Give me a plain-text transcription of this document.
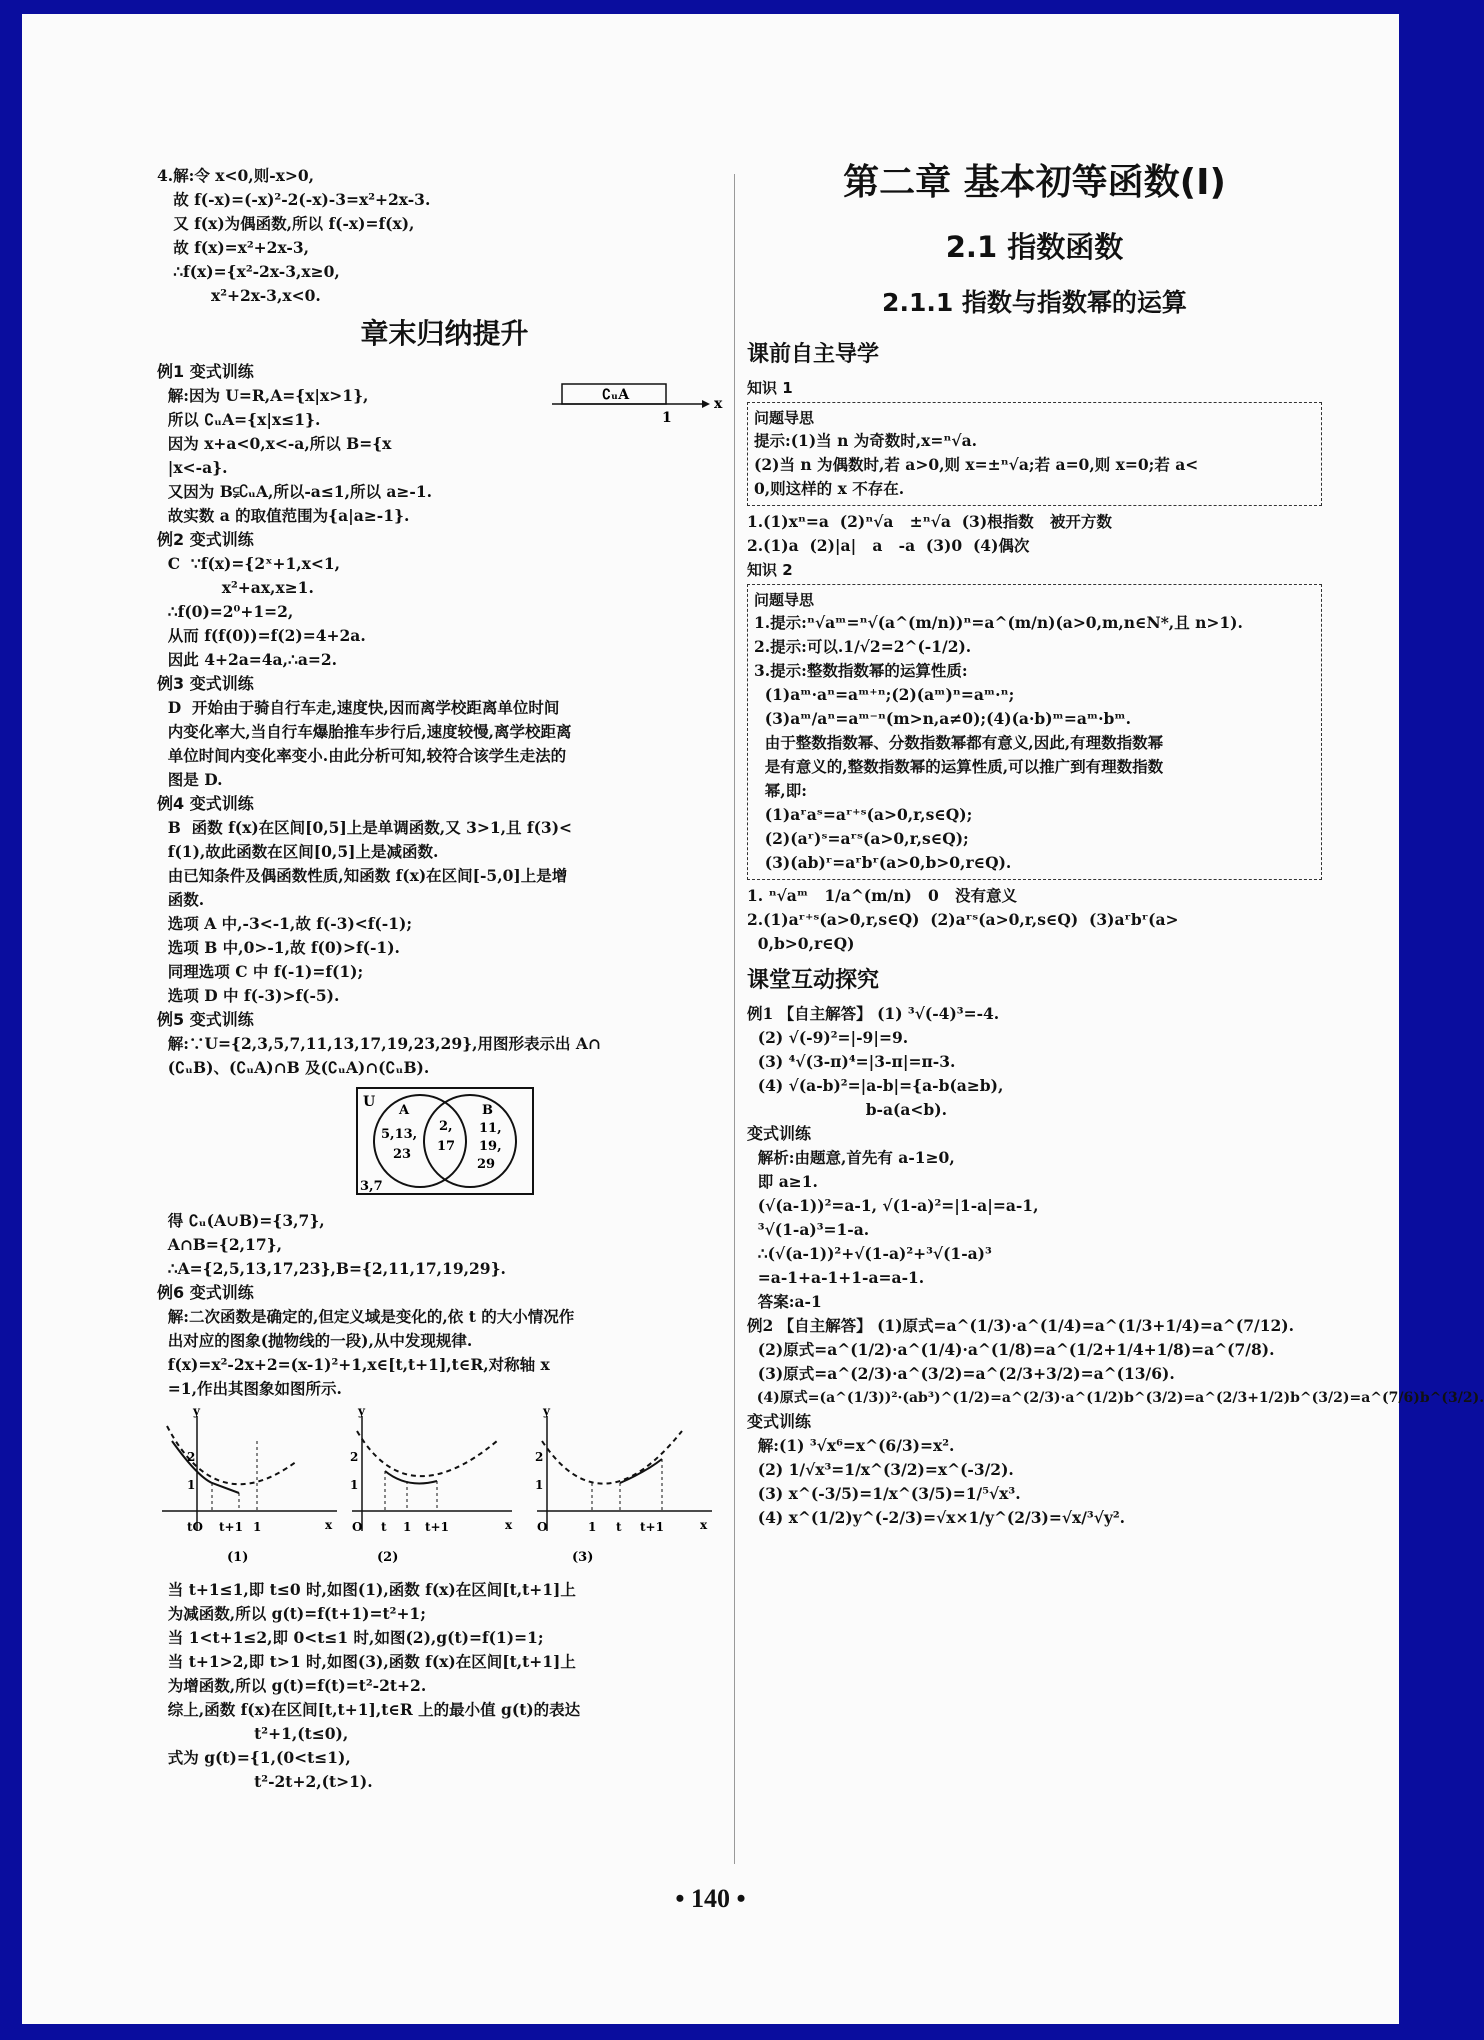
4.解:令 x<0,则-x>0,
故 f(-x)=(-x)²-2(-x)-3=x²+2x-3.
又 f(x)为偶函数,所以 f(-x)=f(x),
故 f(x)=x²+2x-3,
∴f(x)={x²-2x-3,x≥0,
x²+2x-3,x<0.
章末归纳提升
例1 变式训练
解:因为 U=R,A={x|x>1},
所以 ∁ᵤA={x|x≤1}.
因为 x+a<0,x<-a,所以 B={x
|x<-a}.
又因为 B⫋∁ᵤA,所以-a≤1,所以 a≥-1.
故实数 a 的取值范围为{a|a≥-1}.
∁ᵤA
1
x
例2 变式训练
C  ∵f(x)={2ˣ+1,x<1,
x²+ax,x≥1.
∴f(0)=2⁰+1=2,
从而 f(f(0))=f(2)=4+2a.
因此 4+2a=4a,∴a=2.
例3 变式训练
D  开始由于骑自行车走,速度快,因而离学校距离单位时间
内变化率大,当自行车爆胎推车步行后,速度较慢,离学校距离
单位时间内变化率变小.由此分析可知,较符合该学生走法的
图是 D.
例4 变式训练
B  函数 f(x)在区间[0,5]上是单调函数,又 3>1,且 f(3)<
f(1),故此函数在区间[0,5]上是减函数.
由已知条件及偶函数性质,知函数 f(x)在区间[-5,0]上是增
函数.
选项 A 中,-3<-1,故 f(-3)<f(-1);
选项 B 中,0>-1,故 f(0)>f(-1).
同理选项 C 中 f(-1)=f(1);
选项 D 中 f(-3)>f(-5).
例5 变式训练
解:∵U={2,3,5,7,11,13,17,19,23,29},用图形表示出 A∩
(∁ᵤB)、(∁ᵤA)∩B 及(∁ᵤA)∩(∁ᵤB).
U
A	B
5,13,
23
2,
17
11,
19,
29
3,7
得 ∁ᵤ(A∪B)={3,7},
A∩B={2,17},
∴A={2,5,13,17,23},B={2,11,17,19,29}.
例6 变式训练
解:二次函数是确定的,但定义域是变化的,依 t 的大小情况作
出对应的图象(抛物线的一段),从中发现规律.
f(x)=x²-2x+2=(x-1)²+1,x∈[t,t+1],t∈R,对称轴 x
=1,作出其图象如图所示.
tO t+1 1
2
1
x
y
(1)
O t 1 t+1
2
1
x
y
(2)
O	1 t t+1
2
1
x
y
(3)
当 t+1≤1,即 t≤0 时,如图(1),函数 f(x)在区间[t,t+1]上
为减函数,所以 g(t)=f(t+1)=t²+1;
当 1<t+1≤2,即 0<t≤1 时,如图(2),g(t)=f(1)=1;
当 t+1>2,即 t>1 时,如图(3),函数 f(x)在区间[t,t+1]上
为增函数,所以 g(t)=f(t)=t²-2t+2.
综上,函数 f(x)在区间[t,t+1],t∈R 上的最小值 g(t)的表达
t²+1,(t≤0),
式为 g(t)={1,(0<t≤1),
t²-2t+2,(t>1).
第二章 基本初等函数(Ⅰ)
2.1 指数函数
2.1.1 指数与指数幂的运算
课前自主导学
知识 1
问题导思
提示:(1)当 n 为奇数时,x=ⁿ√a.
(2)当 n 为偶数时,若 a>0,则 x=±ⁿ√a;若 a=0,则 x=0;若 a<
0,则这样的 x 不存在.
1.(1)xⁿ=a  (2)ⁿ√a   ±ⁿ√a  (3)根指数   被开方数
2.(1)a  (2)|a|   a   -a  (3)0  (4)偶次
知识 2
问题导思
1.提示:ⁿ√aᵐ=ⁿ√(a^(m/n))ⁿ=a^(m/n)(a>0,m,n∈N*,且 n>1).
2.提示:可以.1/√2=2^(-1/2).
3.提示:整数指数幂的运算性质:
(1)aᵐ·aⁿ=aᵐ⁺ⁿ;(2)(aᵐ)ⁿ=aᵐ·ⁿ;
(3)aᵐ/aⁿ=aᵐ⁻ⁿ(m>n,a≠0);(4)(a·b)ᵐ=aᵐ·bᵐ.
由于整数指数幂、分数指数幂都有意义,因此,有理数指数幂
是有意义的,整数指数幂的运算性质,可以推广到有理数指数
幂,即:
(1)aʳaˢ=aʳ⁺ˢ(a>0,r,s∈Q);
(2)(aʳ)ˢ=aʳˢ(a>0,r,s∈Q);
(3)(ab)ʳ=aʳbʳ(a>0,b>0,r∈Q).
1. ⁿ√aᵐ   1/a^(m/n)   0   没有意义
2.(1)aʳ⁺ˢ(a>0,r,s∈Q)  (2)aʳˢ(a>0,r,s∈Q)  (3)aʳbʳ(a>
0,b>0,r∈Q)
课堂互动探究
例1 【自主解答】 (1) ³√(-4)³=-4.
(2) √(-9)²=|-9|=9.
(3) ⁴√(3-π)⁴=|3-π|=π-3.
(4) √(a-b)²=|a-b|={a-b(a≥b),
b-a(a<b).
变式训练
解析:由题意,首先有 a-1≥0,
即 a≥1.
(√(a-1))²=a-1, √(1-a)²=|1-a|=a-1,
³√(1-a)³=1-a.
∴(√(a-1))²+√(1-a)²+³√(1-a)³
=a-1+a-1+1-a=a-1.
答案:a-1
例2 【自主解答】 (1)原式=a^(1/3)·a^(1/4)=a^(1/3+1/4)=a^(7/12).
(2)原式=a^(1/2)·a^(1/4)·a^(1/8)=a^(1/2+1/4+1/8)=a^(7/8).
(3)原式=a^(2/3)·a^(3/2)=a^(2/3+3/2)=a^(13/6).
(4)原式=(a^(1/3))²·(ab³)^(1/2)=a^(2/3)·a^(1/2)b^(3/2)=a^(2/3+1/2)b^(3/2)=a^(7/6)b^(3/2).
变式训练
解:(1) ³√x⁶=x^(6/3)=x².
(2) 1/√x³=1/x^(3/2)=x^(-3/2).
(3) x^(-3/5)=1/x^(3/5)=1/⁵√x³.
(4) x^(1/2)y^(-2/3)=√x×1/y^(2/3)=√x/³√y².
• 140 •
